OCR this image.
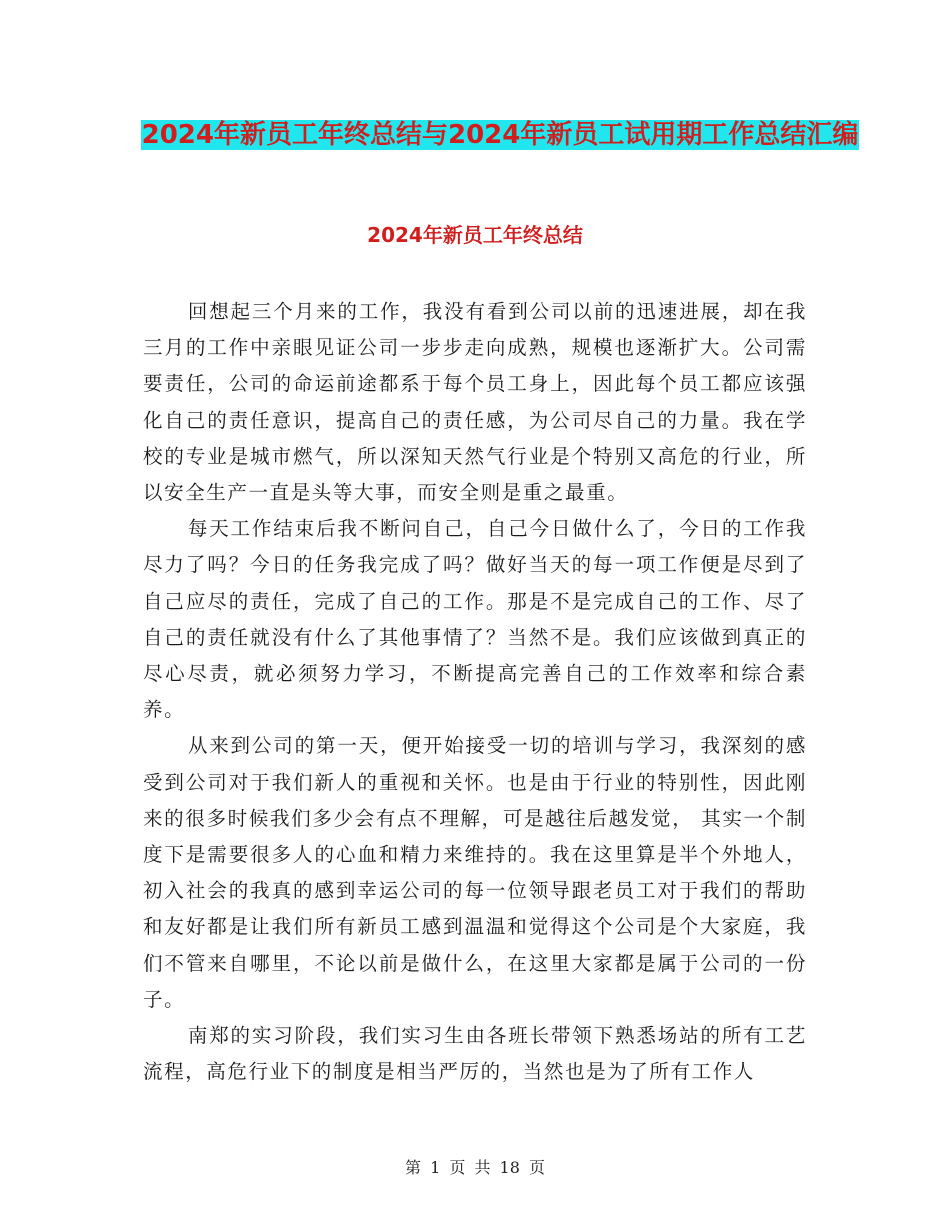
2024年新员工年终总结与2024年新员工试用期工作总结汇编
2024年新员工年终总结

回想起三个月来的工作，我没有看到公司以前的迅速进展，却在我三月的工作中亲眼见证公司一步步走向成熟，规模也逐渐扩大。公司需要责任，公司的命运前途都系于每个员工身上，因此每个员工都应该强化自己的责任意识，提高自己的责任感，为公司尽自己的力量。我在学校的专业是城市燃气，所以深知天然气行业是个特别又高危的行业，所以安全生产一直是头等大事，而安全则是重之最重。

每天工作结束后我不断问自己，自己今日做什么了，今日的工作我尽力了吗？今日的任务我完成了吗？做好当天的每一项工作便是尽到了自己应尽的责任，完成了自己的工作。那是不是完成自己的工作、尽了自己的责任就没有什么了其他事情了？当然不是。我们应该做到真正的尽心尽责，就必须努力学习，不断提高完善自己的工作效率和综合素养。

从来到公司的第一天，便开始接受一切的培训与学习，我深刻的感受到公司对于我们新人的重视和关怀。也是由于行业的特别性，因此刚来的很多时候我们多少会有点不理解，可是越往后越发觉， 其实一个制度下是需要很多人的心血和精力来维持的。我在这里算是半个外地人，初入社会的我真的感到幸运公司的每一位领导跟老员工对于我们的帮助和友好都是让我们所有新员工感到温温和觉得这个公司是个大家庭，我们不管来自哪里，不论以前是做什么，在这里大家都是属于公司的一份子。

南郑的实习阶段，我们实习生由各班长带领下熟悉场站的所有工艺流程，高危行业下的制度是相当严厉的，当然也是为了所有工作人

第 1 页 共 18 页
